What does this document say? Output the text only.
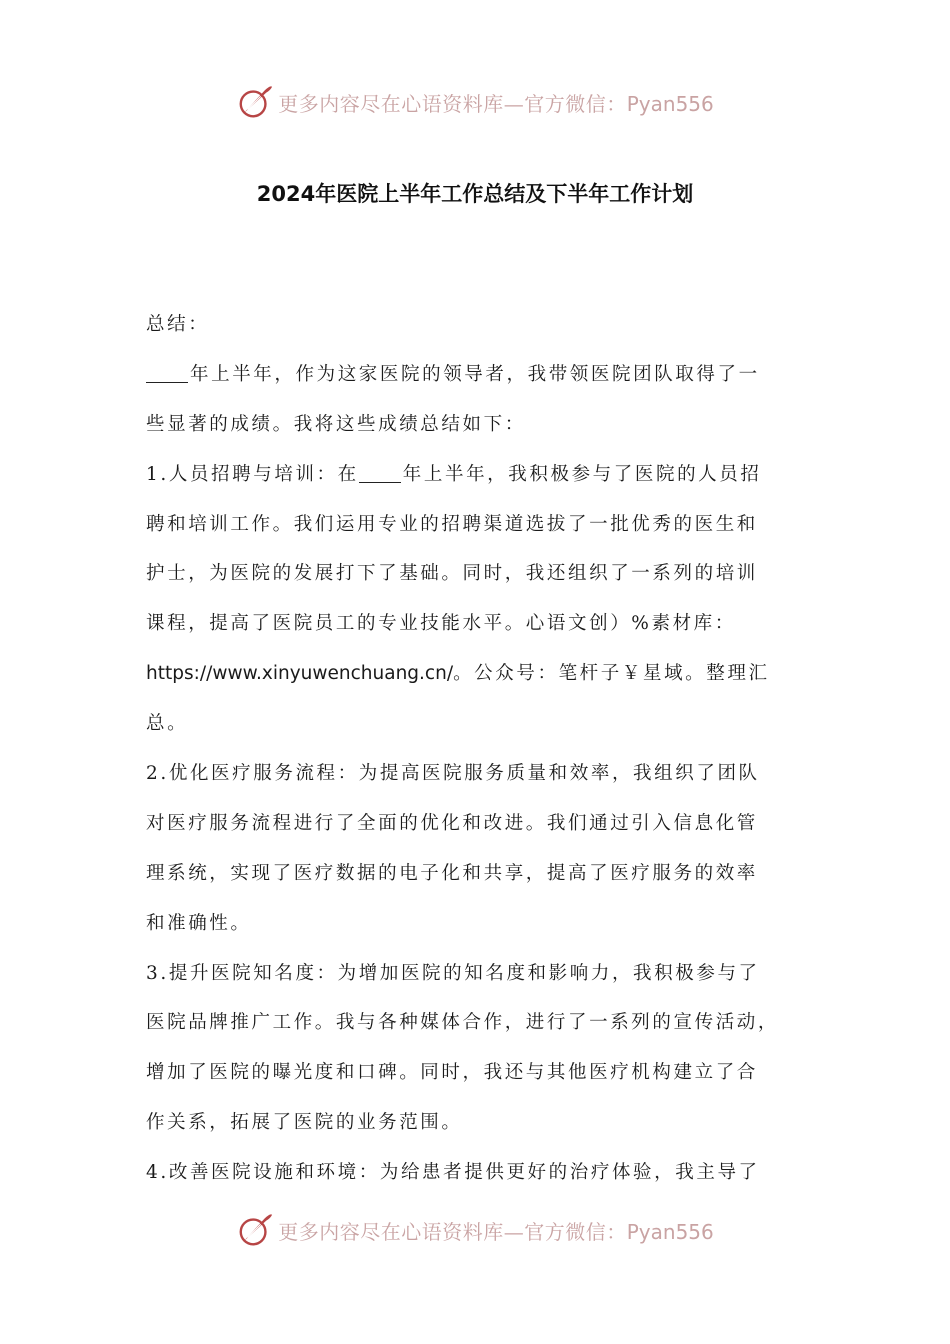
更多内容尽在心语资料库—官方微信：Pyan556
2024年医院上半年工作总结及下半年工作计划
总结：
年上半年，作为这家医院的领导者，我带领医院团队取得了一
些显著的成绩。我将这些成绩总结如下：
1.人员招聘与培训：在 年上半年，我积极参与了医院的人员招
聘和培训工作。我们运用专业的招聘渠道选拔了一批优秀的医生和
护士，为医院的发展打下了基础。同时，我还组织了一系列的培训
课程，提高了医院员工的专业技能水平。心语文创）%素材库：
https://www.xinyuwenchuang.cn/。公众号：笔杆子￥星域。整理汇
总。
2.优化医疗服务流程：为提高医院服务质量和效率，我组织了团队
对医疗服务流程进行了全面的优化和改进。我们通过引入信息化管
理系统，实现了医疗数据的电子化和共享，提高了医疗服务的效率
和准确性。
3.提升医院知名度：为增加医院的知名度和影响力，我积极参与了
医院品牌推广工作。我与各种媒体合作，进行了一系列的宣传活动，
增加了医院的曝光度和口碑。同时，我还与其他医疗机构建立了合
作关系，拓展了医院的业务范围。
4.改善医院设施和环境：为给患者提供更好的治疗体验，我主导了
更多内容尽在心语资料库—官方微信：Pyan556
